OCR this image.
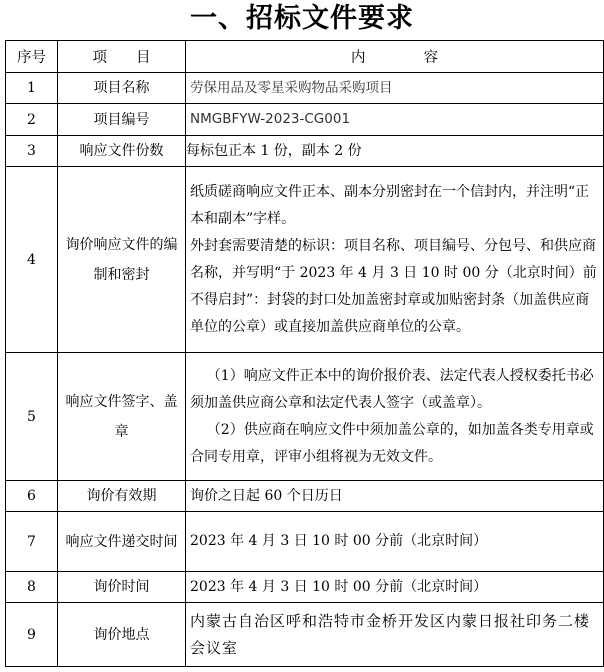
一、招标文件要求
序号	项　　目	内　　　　容
1	项目名称	劳保用品及零星采购物品采购项目
2	项目编号	NMGBFYW-2023-CG001
3	响应文件份数	每标包正本 1 份，副本 2 份
4	询价响应文件的编制和密封	纸质磋商响应文件正本、副本分别密封在一个信封内，并注明“正本和副本”字样。

外封套需要清楚的标识：项目名称、项目编号、分包号、和供应商名称，并写明“于 2023 年 4 月 3 日 10 时 00 分（北京时间）前不得启封”：封袋的封口处加盖密封章或加贴密封条（加盖供应商单位的公章）或直接加盖供应商单位的公章。

5	响应文件签字、盖章	（1）响应文件正本中的询价报价表、法定代表人授权委托书必须加盖供应商公章和法定代表人签字（或盖章）。

（2）供应商在响应文件中须加盖公章的，如加盖各类专用章或合同专用章，评审小组将视为无效文件。

6	询价有效期	询价之日起 60 个日历日
7	响应文件递交时间	2023 年 4 月 3 日 10 时 00 分前（北京时间）
8	询价时间	2023 年 4 月 3 日 10 时 00 分前（北京时间）
9	询价地点	内蒙古自治区呼和浩特市金桥开发区内蒙日报社印务二楼会议室
